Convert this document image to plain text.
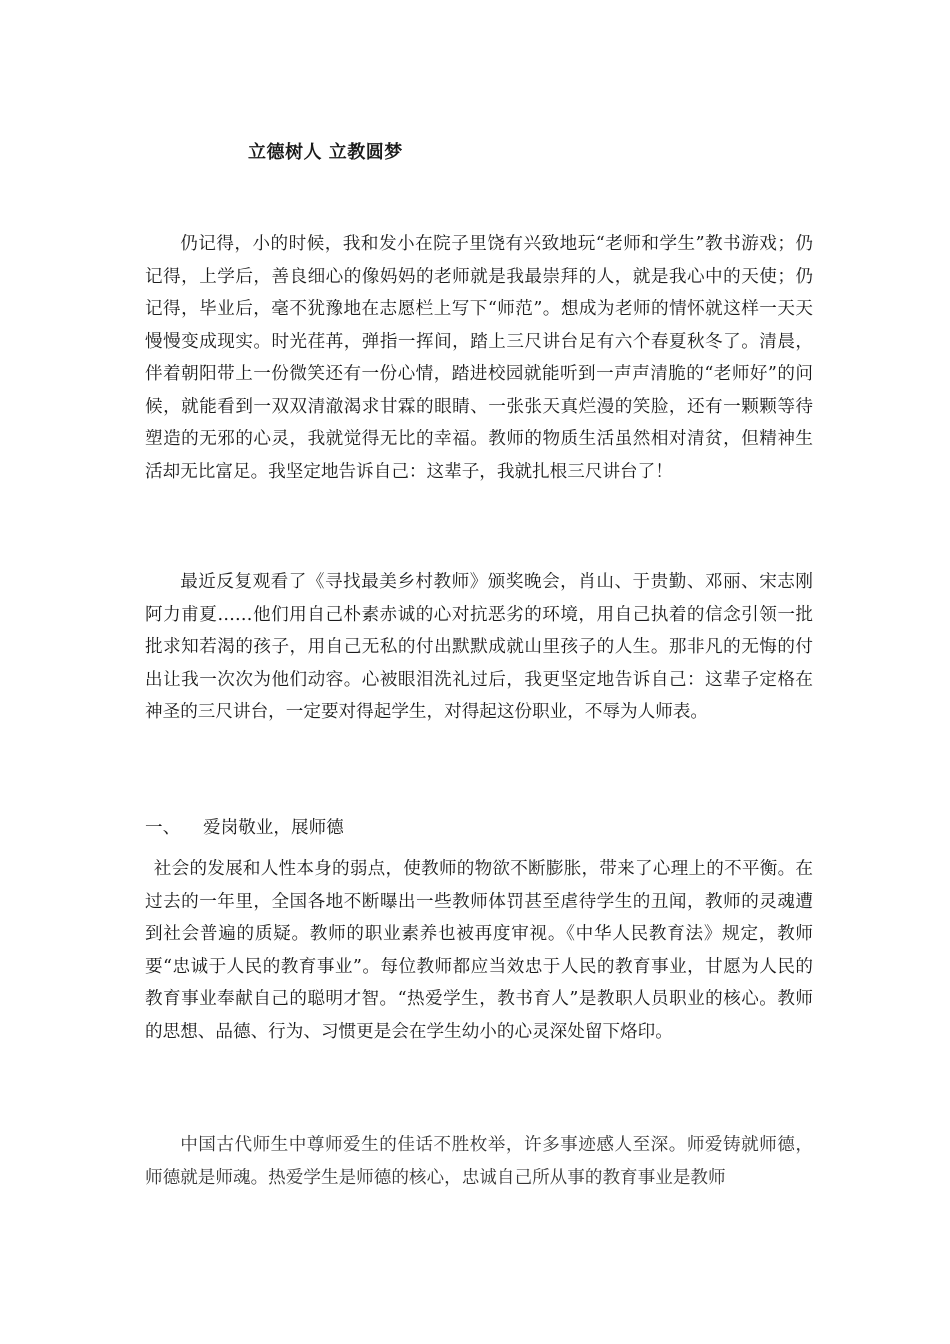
立德树人 立教圆梦

仍记得，小的时候，我和发小在院子里饶有兴致地玩“老师和学生”教书游戏；仍记得，上学后，善良细心的像妈妈的老师就是我最崇拜的人，就是我心中的天使；仍记得，毕业后，毫不犹豫地在志愿栏上写下“师范”。想成为老师的情怀就这样一天天慢慢变成现实。时光荏苒，弹指一挥间，踏上三尺讲台足有六个春夏秋冬了。清晨，伴着朝阳带上一份微笑还有一份心情，踏进校园就能听到一声声清脆的“老师好”的问候，就能看到一双双清澈渴求甘霖的眼睛、一张张天真烂漫的笑脸，还有一颗颗等待塑造的无邪的心灵，我就觉得无比的幸福。教师的物质生活虽然相对清贫，但精神生活却无比富足。我坚定地告诉自己：这辈子，我就扎根三尺讲台了！

最近反复观看了《寻找最美乡村教师》颁奖晚会，肖山、于贵勤、邓丽、宋志刚阿力甫夏……他们用自己朴素赤诚的心对抗恶劣的环境，用自己执着的信念引领一批批求知若渴的孩子，用自己无私的付出默默成就山里孩子的人生。那非凡的无悔的付出让我一次次为他们动容。心被眼泪洗礼过后，我更坚定地告诉自己：这辈子定格在神圣的三尺讲台，一定要对得起学生，对得起这份职业，不辱为人师表。

一、 爱岗敬业，展师德

社会的发展和人性本身的弱点，使教师的物欲不断膨胀，带来了心理上的不平衡。在过去的一年里，全国各地不断曝出一些教师体罚甚至虐待学生的丑闻，教师的灵魂遭到社会普遍的质疑。教师的职业素养也被再度审视。《中华人民教育法》规定，教师要“忠诚于人民的教育事业”。每位教师都应当效忠于人民的教育事业，甘愿为人民的教育事业奉献自己的聪明才智。“热爱学生，教书育人”是教职人员职业的核心。教师的思想、品德、行为、习惯更是会在学生幼小的心灵深处留下烙印。

中国古代师生中尊师爱生的佳话不胜枚举，许多事迹感人至深。师爱铸就师德，师德就是师魂。热爱学生是师德的核心，忠诚自己所从事的教育事业是教师
